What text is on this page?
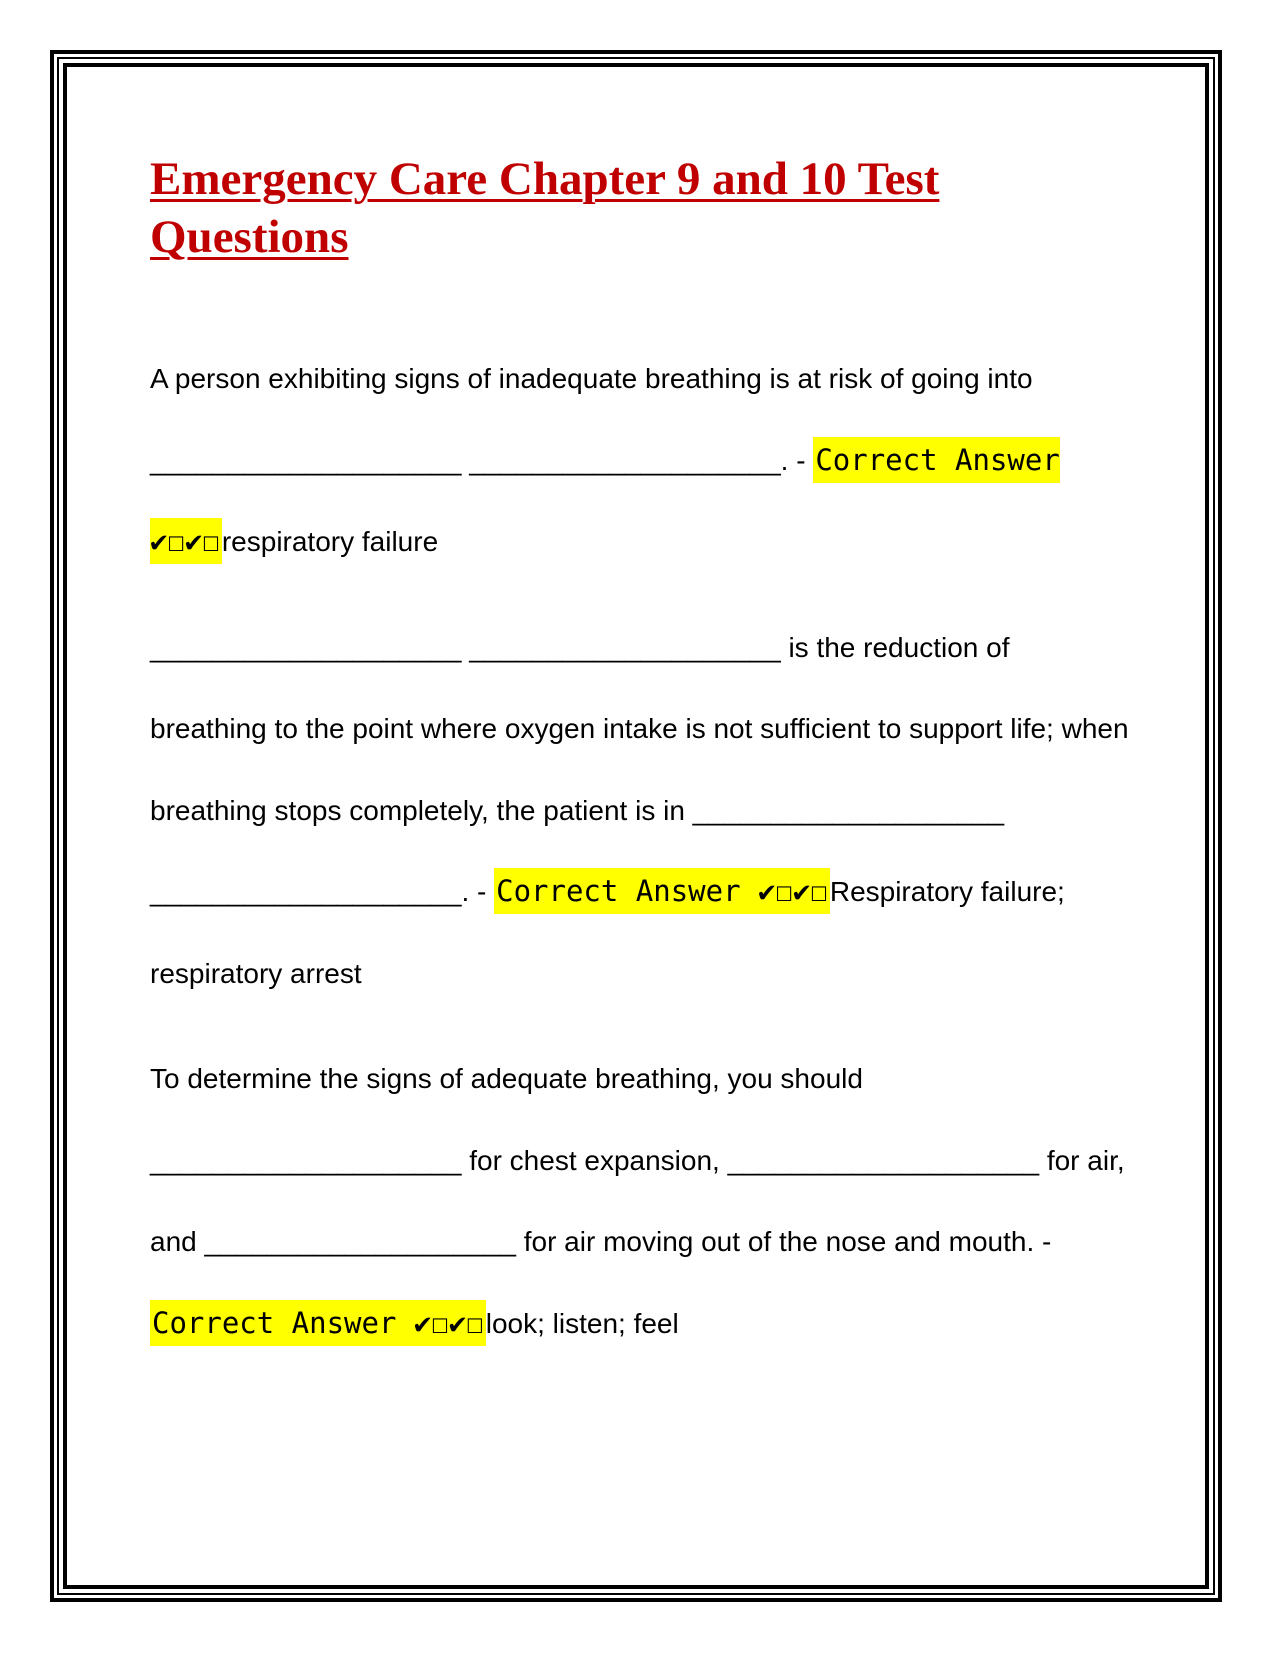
Emergency Care Chapter 9 and 10 Test Questions

A person exhibiting signs of inadequate breathing is at risk of going into ____________________ ____________________. - Correct Answer ✔☐✔☐respiratory failure

____________________ ____________________ is the reduction of breathing to the point where oxygen intake is not sufficient to support life; when breathing stops completely, the patient is in ____________________ ____________________. - Correct Answer ✔☐✔☐Respiratory failure; respiratory arrest

To determine the signs of adequate breathing, you should ____________________ for chest expansion, ____________________ for air, and ____________________ for air moving out of the nose and mouth. - Correct Answer ✔☐✔☐look; listen; feel
